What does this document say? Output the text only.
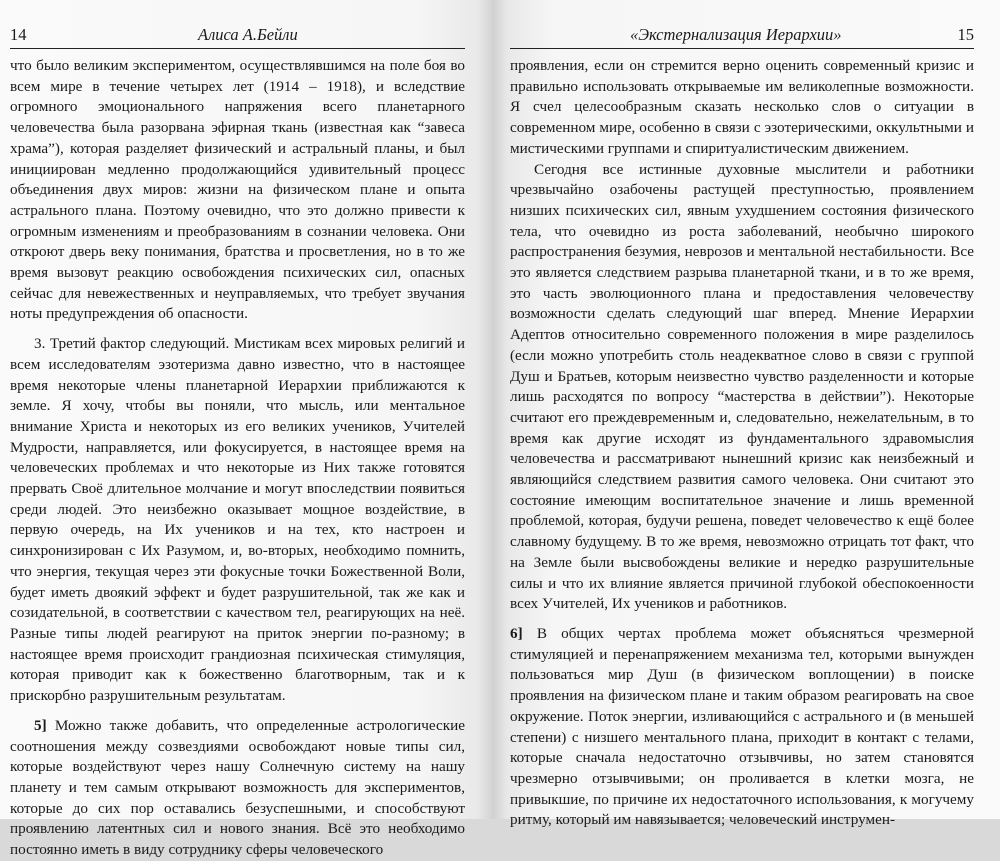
14	Алиса А.Бейли

что было великим экспериментом, осуществлявшимся на поле боя во всем мире в течение четырех лет (1914 – 1918), и вследствие огромного эмоционального напряжения всего планетарного человечества была разорвана эфирная ткань (известная как “завеса храма”), которая разделяет физический и астральный планы, и был инициирован медленно продолжающийся удивительный процесс объединения двух миров: жизни на физическом плане и опыта астрального плана. Поэтому очевидно, что это должно привести к огромным изменениям и преобразованиям в сознании человека. Они откроют дверь веку понимания, братства и просветления, но в то же время вызовут реакцию освобождения психических сил, опасных сейчас для невежественных и неуправляемых, что требует звучания ноты предупреждения об опасности.

3. Третий фактор следующий. Мистикам всех мировых религий и всем исследователям эзотеризма давно известно, что в настоящее время некоторые члены планетарной Иерархии приближаются к земле. Я хочу, чтобы вы поняли, что мысль, или ментальное внимание Христа и некоторых из его великих учеников, Учителей Мудрости, направляется, или фокусируется, в настоящее время на человеческих проблемах и что некоторые из Них также готовятся прервать Своё длительное молчание и могут впоследствии появиться среди людей. Это неизбежно оказывает мощное воздействие, в первую очередь, на Их учеников и на тех, кто настроен и синхронизирован с Их Разумом, и, во-вторых, необходимо помнить, что энергия, текущая через эти фокусные точки Божественной Воли, будет иметь двоякий эффект и будет разрушительной, так же как и созидательной, в соответствии с качеством тел, реагирующих на неё. Разные типы людей реагируют на приток энергии по-разному; в настоящее время происходит грандиозная психическая стимуляция, которая приводит как к божественно благотворным, так и к прискорбно разрушительным результатам.

5] Можно также добавить, что определенные астрологические соотношения между созвездиями освобождают новые типы сил, которые воздействуют через нашу Солнечную систему на нашу планету и тем самым открывают возможность для экспериментов, которые до сих пор оставались безуспешными, и способствуют проявлению латентных сил и нового знания. Всё это необходимо постоянно иметь в виду сотруднику сферы человеческого

«Экстернализация Иерархии»	15

проявления, если он стремится верно оценить современный кризис и правильно использовать открываемые им великолепные возможности. Я счел целесообразным сказать несколько слов о ситуации в современном мире, особенно в связи с эзотерическими, оккультными и мистическими группами и спиритуалистическим движением.

Сегодня все истинные духовные мыслители и работники чрезвычайно озабочены растущей преступностью, проявлением низших психических сил, явным ухудшением состояния физического тела, что очевидно из роста заболеваний, необычно широкого распространения безумия, неврозов и ментальной нестабильности. Все это является следствием разрыва планетарной ткани, и в то же время, это часть эволюционного плана и предоставления человечеству возможности сделать следующий шаг вперед. Мнение Иерархии Адептов относительно современного положения в мире разделилось (если можно употребить столь неадекватное слово в связи с группой Душ и Братьев, которым неизвестно чувство разделенности и которые лишь расходятся по вопросу “мастерства в действии”). Некоторые считают его преждевременным и, следовательно, нежелательным, в то время как другие исходят из фундаментального здравомыслия человечества и рассматривают нынешний кризис как неизбежный и являющийся следствием развития самого человека. Они считают это состояние имеющим воспитательное значение и лишь временной проблемой, которая, будучи решена, поведет человечество к ещё более славному будущему. В то же время, невозможно отрицать тот факт, что на Земле были высвобождены великие и нередко разрушительные силы и что их влияние является причиной глубокой обеспокоенности всех Учителей, Их учеников и работников.

6] В общих чертах проблема может объясняться чрезмерной стимуляцией и перенапряжением механизма тел, которыми вынужден пользоваться мир Душ (в физическом воплощении) в поиске проявления на физическом плане и таким образом реагировать на свое окружение. Поток энергии, изливающийся с астрального и (в меньшей степени) с низшего ментального плана, приходит в контакт с телами, которые сначала недостаточно отзывчивы, но затем становятся чрезмерно отзывчивыми; он проливается в клетки мозга, не привыкшие, по причине их недостаточного использования, к могучему ритму, который им навязывается; человеческий инструмен-
